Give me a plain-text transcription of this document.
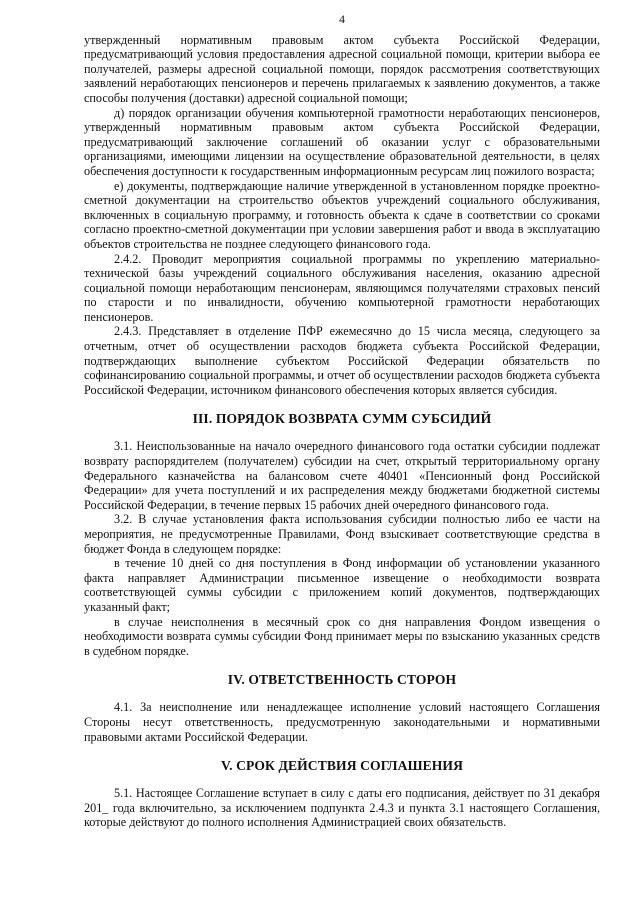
4

утвержденный нормативным правовым актом субъекта Российской Федерации, предусматривающий условия предоставления адресной социальной помощи, критерии выбора ее получателей, размеры адресной социальной помощи, порядок рассмотрения соответствующих заявлений неработающих пенсионеров и перечень прилагаемых к заявлению документов, а также способы получения (доставки) адресной социальной помощи;

д) порядок организации обучения компьютерной грамотности неработающих пенсионеров, утвержденный нормативным правовым актом субъекта Российской Федерации, предусматривающий заключение соглашений об оказании услуг с образовательными организациями, имеющими лицензии на осуществление образовательной деятельности, в целях обеспечения доступности к государственным информационным ресурсам лиц пожилого возраста;

е) документы, подтверждающие наличие утвержденной в установленном порядке проектно-сметной документации на строительство объектов учреждений социального обслуживания, включенных в социальную программу, и готовность объекта к сдаче в соответствии со сроками согласно проектно-сметной документации при условии завершения работ и ввода в эксплуатацию объектов строительства не позднее следующего финансового года.

2.4.2. Проводит мероприятия социальной программы по укреплению материально-технической базы учреждений социального обслуживания населения, оказанию адресной социальной помощи неработающим пенсионерам, являющимся получателями страховых пенсий по старости и по инвалидности, обучению компьютерной грамотности неработающих пенсионеров.

2.4.3. Представляет в отделение ПФР ежемесячно до 15 числа месяца, следующего за отчетным, отчет об осуществлении расходов бюджета субъекта Российской Федерации, подтверждающих выполнение субъектом Российской Федерации обязательств по софинансированию социальной программы, и отчет об осуществлении расходов бюджета субъекта Российской Федерации, источником финансового обеспечения которых является субсидия.

III. ПОРЯДОК ВОЗВРАТА СУММ СУБСИДИЙ

3.1. Неиспользованные на начало очередного финансового года остатки субсидии подлежат возврату распорядителем (получателем) субсидии на счет, открытый территориальному органу Федерального казначейства на балансовом счете 40401 «Пенсионный фонд Российской Федерации» для учета поступлений и их распределения между бюджетами бюджетной системы Российской Федерации, в течение первых 15 рабочих дней очередного финансового года.

3.2. В случае установления факта использования субсидии полностью либо ее части на мероприятия, не предусмотренные Правилами, Фонд взыскивает соответствующие средства в бюджет Фонда в следующем порядке:

в течение 10 дней со дня поступления в Фонд информации об установлении указанного факта направляет Администрации письменное извещение о необходимости возврата соответствующей суммы субсидии с приложением копий документов, подтверждающих указанный факт;

в случае неисполнения в месячный срок со дня направления Фондом извещения о необходимости возврата суммы субсидии Фонд принимает меры по взысканию указанных средств в судебном порядке.

IV. ОТВЕТСТВЕННОСТЬ СТОРОН

4.1. За неисполнение или ненадлежащее исполнение условий настоящего Соглашения Стороны несут ответственность, предусмотренную законодательными и нормативными правовыми актами Российской Федерации.

V. СРОК ДЕЙСТВИЯ СОГЛАШЕНИЯ

5.1. Настоящее Соглашение вступает в силу с даты его подписания, действует по 31 декабря 201_ года включительно, за исключением подпункта 2.4.3 и пункта 3.1 настоящего Соглашения, которые действуют до полного исполнения Администрацией своих обязательств.
